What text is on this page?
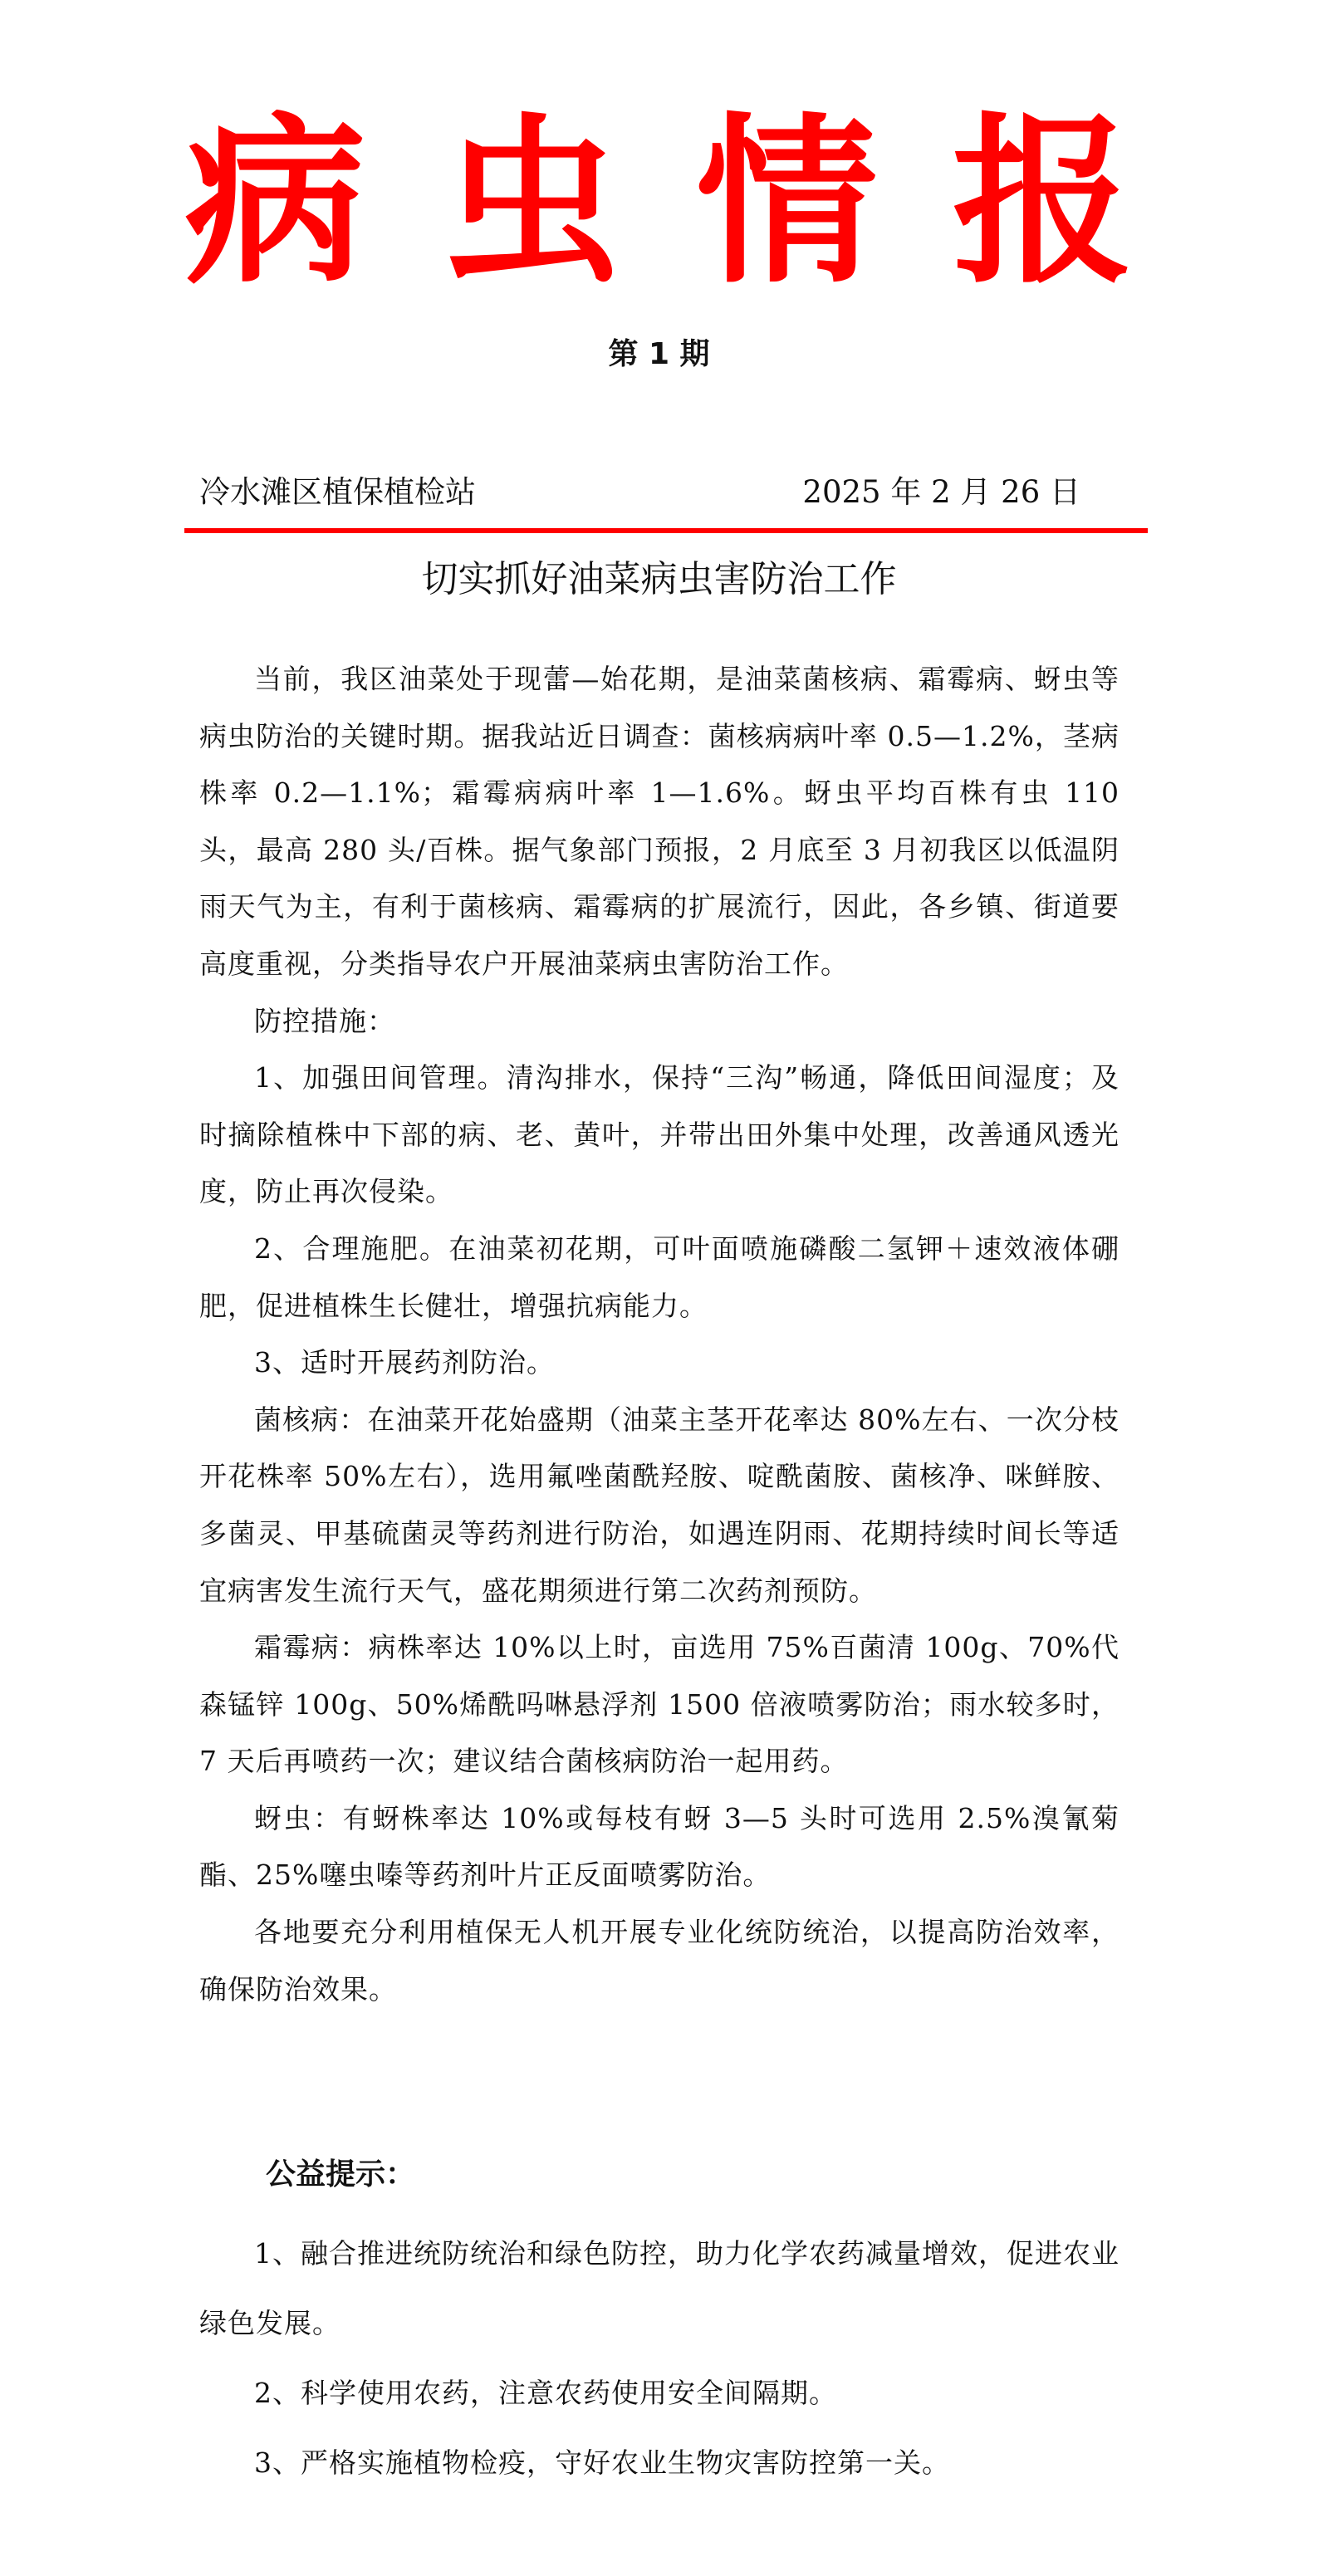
病虫情报
第 1 期
冷水滩区植保植检站	2025 年 2 月 26 日
切实抓好油菜病虫害防治工作

当前，我区油菜处于现蕾—始花期，是油菜菌核病、霜霉病、蚜虫等病虫防治的关键时期。据我站近日调查：菌核病病叶率 0.5—1.2%，茎病株率 0.2—1.1%；霜霉病病叶率 1—1.6%。蚜虫平均百株有虫 110 头，最高 280 头/百株。据气象部门预报，2 月底至 3 月初我区以低温阴雨天气为主，有利于菌核病、霜霉病的扩展流行，因此，各乡镇、街道要高度重视，分类指导农户开展油菜病虫害防治工作。

防控措施：

1、加强田间管理。清沟排水，保持“三沟”畅通，降低田间湿度；及时摘除植株中下部的病、老、黄叶，并带出田外集中处理，改善通风透光度，防止再次侵染。

2、合理施肥。在油菜初花期，可叶面喷施磷酸二氢钾＋速效液体硼肥，促进植株生长健壮，增强抗病能力。

3、适时开展药剂防治。

菌核病：在油菜开花始盛期（油菜主茎开花率达 80%左右、一次分枝开花株率 50%左右），选用氟唑菌酰羟胺、啶酰菌胺、菌核净、咪鲜胺、多菌灵、甲基硫菌灵等药剂进行防治，如遇连阴雨、花期持续时间长等适宜病害发生流行天气，盛花期须进行第二次药剂预防。

霜霉病：病株率达 10%以上时，亩选用 75%百菌清 100g、70%代森锰锌 100g、50%烯酰吗啉悬浮剂 1500 倍液喷雾防治；雨水较多时，7 天后再喷药一次；建议结合菌核病防治一起用药。

蚜虫：有蚜株率达 10%或每枝有蚜 3—5 头时可选用 2.5%溴氰菊酯、25%噻虫嗪等药剂叶片正反面喷雾防治。

各地要充分利用植保无人机开展专业化统防统治，以提高防治效率，确保防治效果。

公益提示：

1、融合推进统防统治和绿色防控，助力化学农药减量增效，促进农业绿色发展。

2、科学使用农药，注意农药使用安全间隔期。

3、严格实施植物检疫，守好农业生物灾害防控第一关。
